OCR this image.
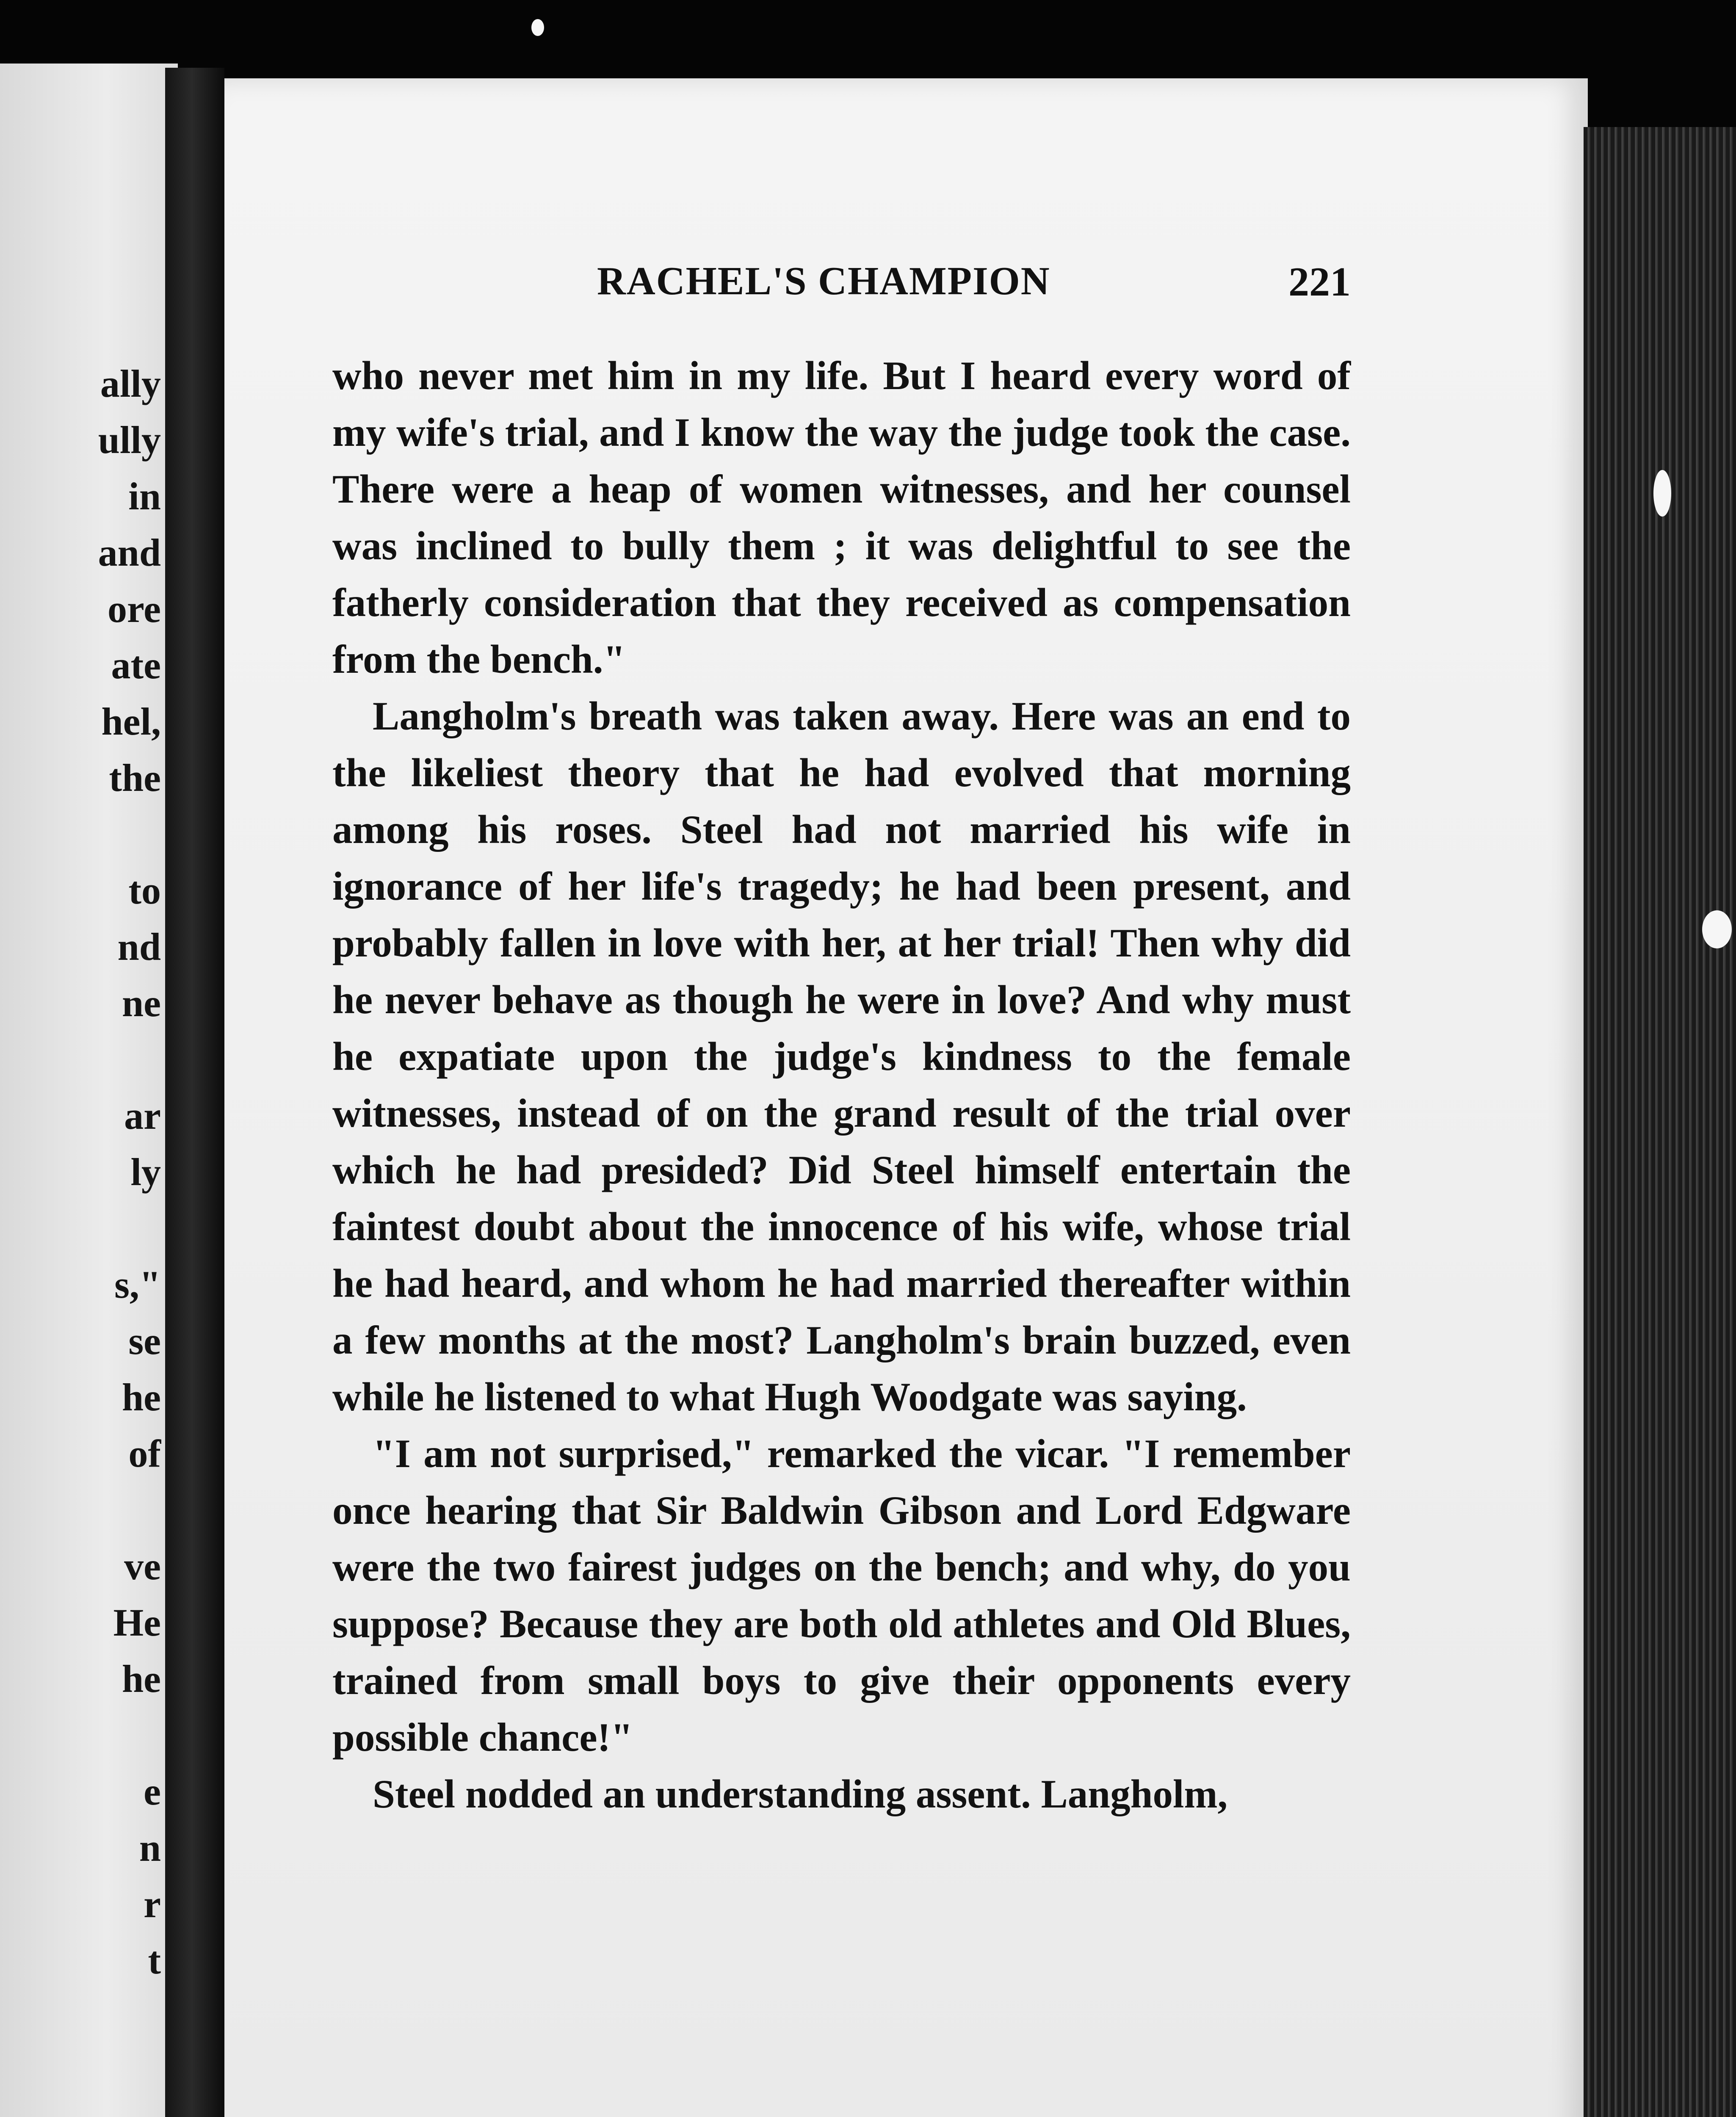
ally
ully
in
and
ore
ate
hel,
the
to
nd
ne
ar
ly
s,"
se
he
of
ve
He
he
e
n
r
t
RACHEL'S CHAMPION	221

who never met him in my life. But I heard every word of my wife's trial, and I know the way the judge took the case. There were a heap of women witnesses, and her counsel was inclined to bully them ; it was delightful to see the fatherly consideration that they received as compensation from the bench."

Langholm's breath was taken away. Here was an end to the likeliest theory that he had evolved that morning among his roses. Steel had not married his wife in ignorance of her life's tragedy; he had been present, and probably fallen in love with her, at her trial! Then why did he never behave as though he were in love? And why must he expatiate upon the judge's kindness to the female witnesses, instead of on the grand result of the trial over which he had presided? Did Steel himself entertain the faintest doubt about the innocence of his wife, whose trial he had heard, and whom he had married thereafter within a few months at the most? Langholm's brain buzzed, even while he listened to what Hugh Woodgate was saying.

"I am not surprised," remarked the vicar. "I remember once hearing that Sir Baldwin Gibson and Lord Edgware were the two fairest judges on the bench; and why, do you suppose? Because they are both old athletes and Old Blues, trained from small boys to give their opponents every possible chance!"

Steel nodded an understanding assent. Langholm,
